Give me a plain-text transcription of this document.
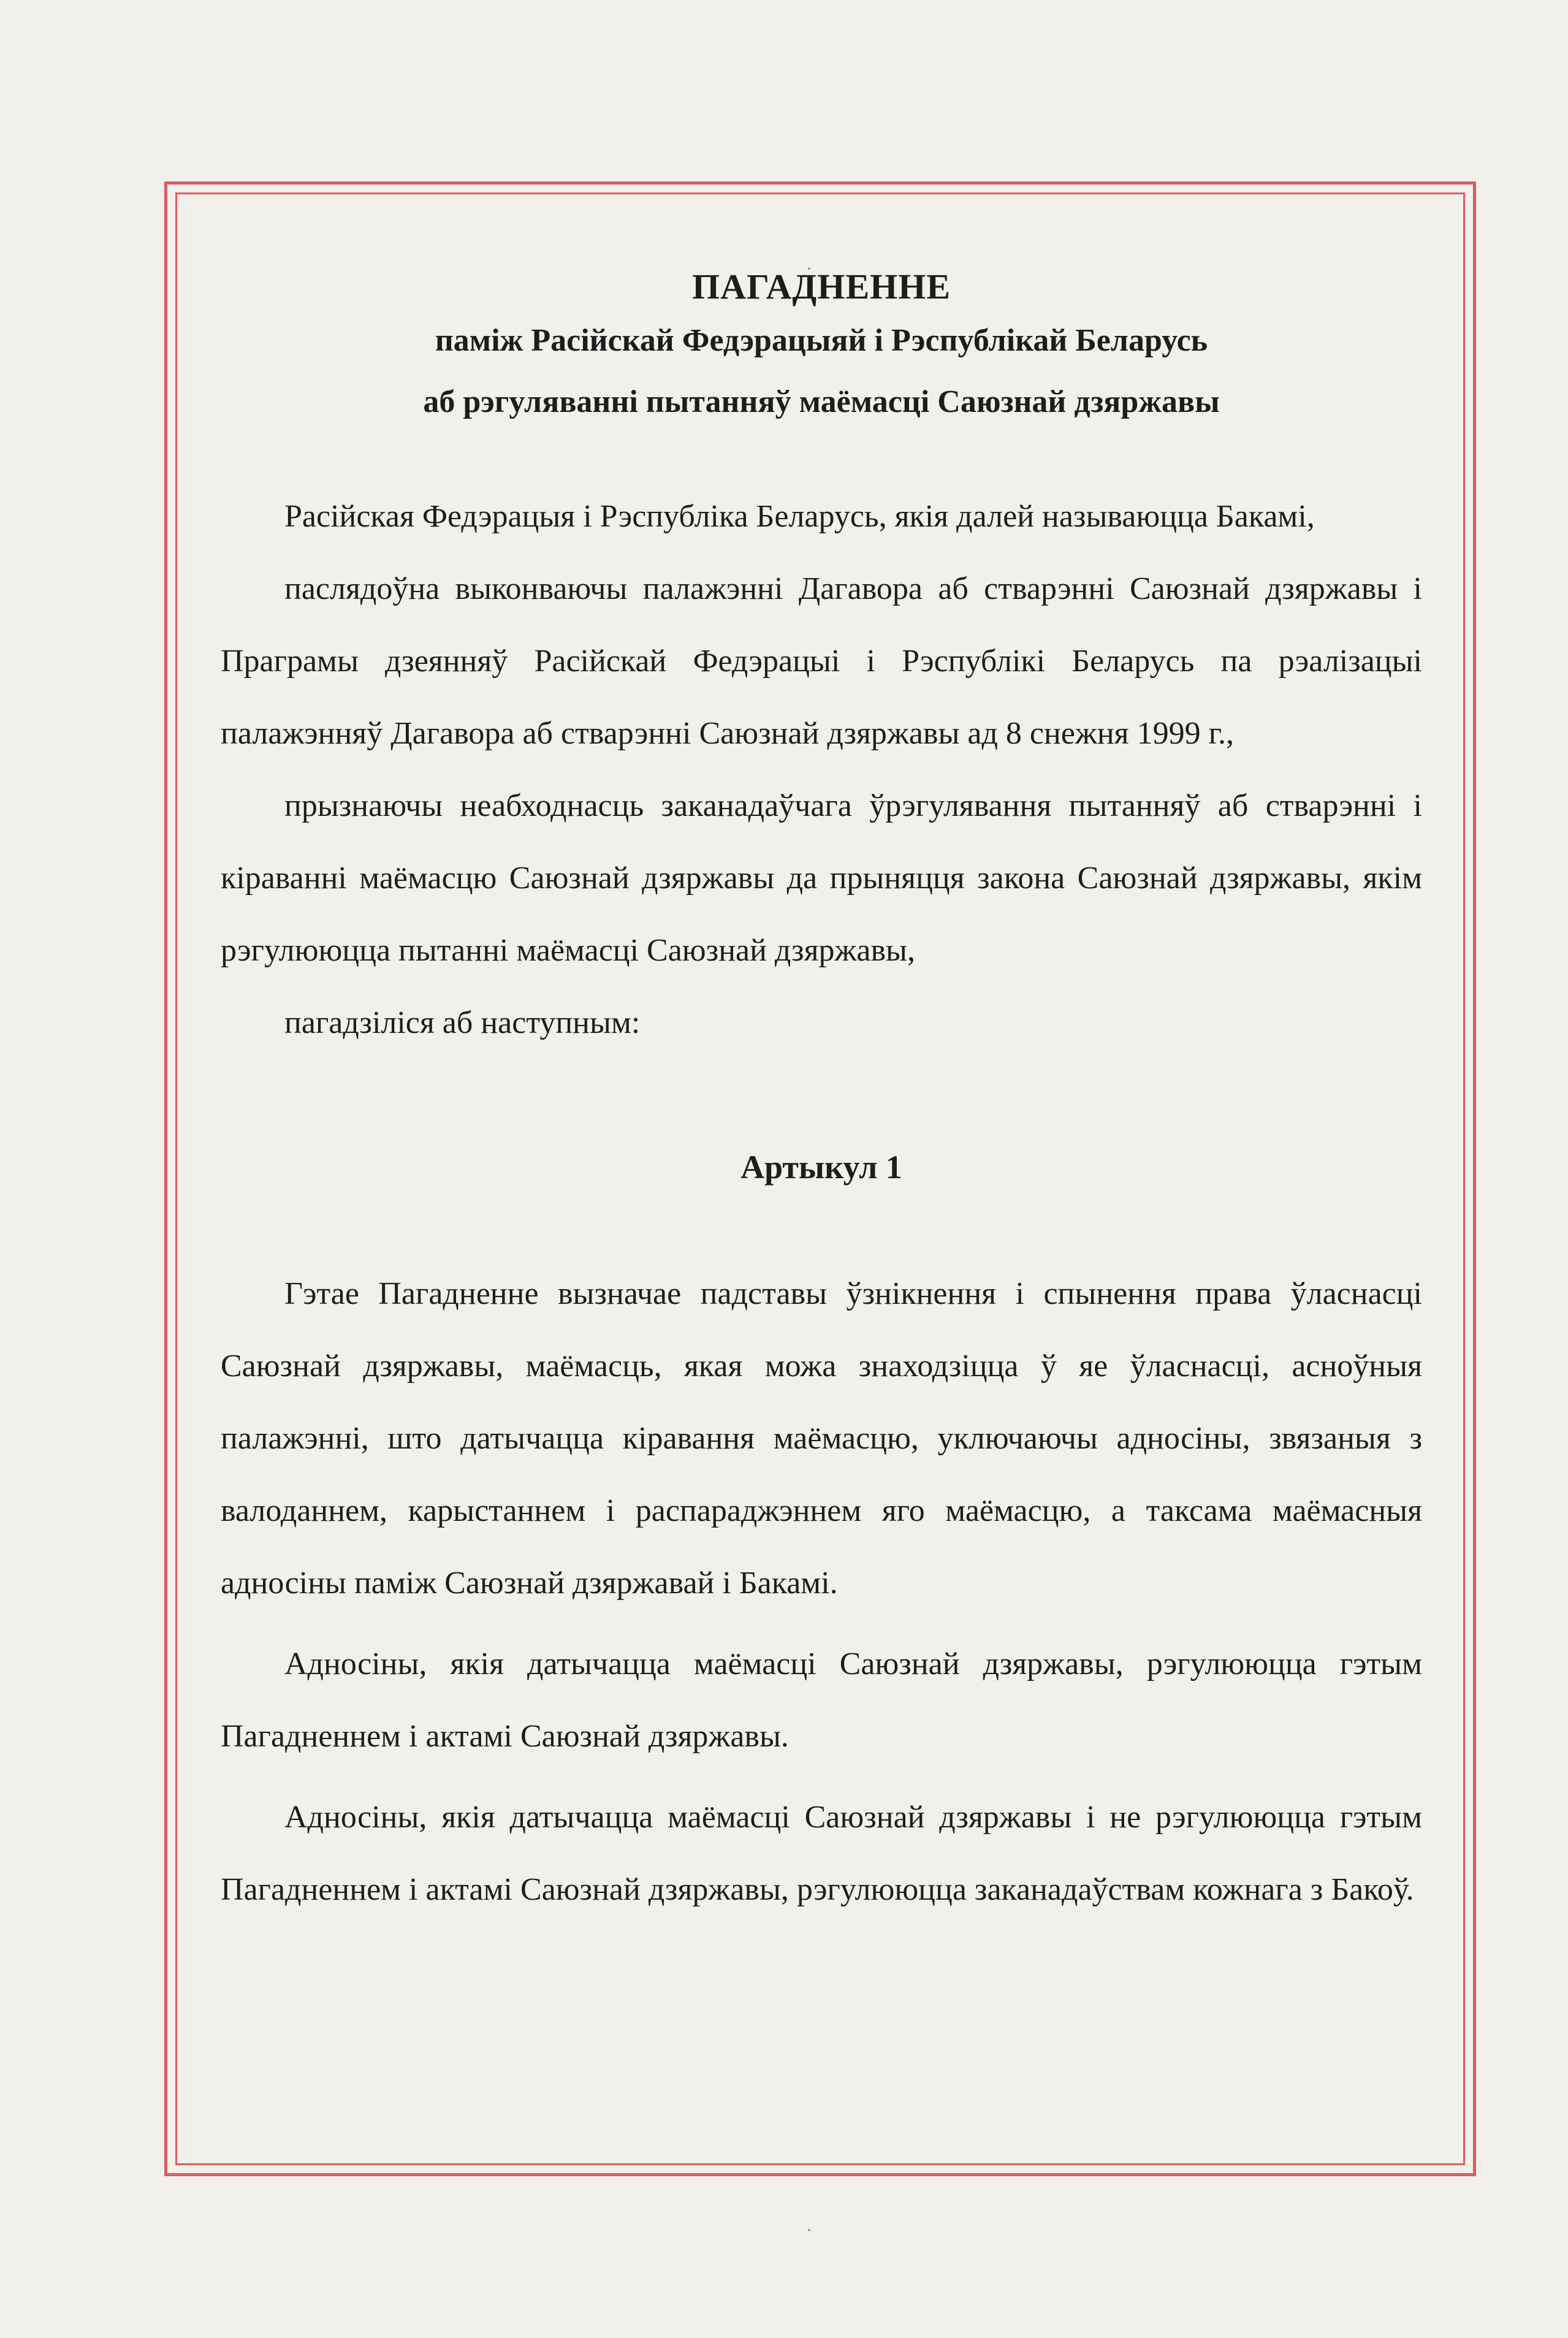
ПАГАДНЕННЕ

паміж Расійскай Федэрацыяй і Рэспублікай Беларусь

аб рэгуляванні пытанняў маёмасці Саюзнай дзяржавы

Расійская Федэрацыя і Рэспубліка Беларусь, якія далей называюцца Бакамі,

паслядоўна выконваючы палажэнні Дагавора аб стварэнні Саюзнай дзяржавы і Праграмы дзеянняў Расійскай Федэрацыі і Рэспублікі Беларусь па рэалізацыі палажэнняў Дагавора аб стварэнні Саюзнай дзяржавы ад 8 снежня 1999 г.,

прызнаючы неабходнасць заканадаўчага ўрэгулявання пытанняў аб стварэнні і кіраванні маёмасцю Саюзнай дзяржавы да прыняцця закона Саюзнай дзяржавы, якім рэгулююцца пытанні маёмасці Саюзнай дзяржавы,

пагадзіліся аб наступным:

Артыкул 1

Гэтае Пагадненне вызначае падставы ўзнікнення і спынення права ўласнасці Саюзнай дзяржавы, маёмасць, якая можа знаходзіцца ў яе ўласнасці, асноўныя палажэнні, што датычацца кіравання маёмасцю, уключаючы адносіны, звязаныя з валоданнем, карыстаннем і распараджэннем яго маёмасцю, а таксама маёмасныя адносіны паміж Саюзнай дзяржавай і Бакамі.

Адносіны, якія датычацца маёмасці Саюзнай дзяржавы, рэгулююцца гэтым Пагадненнем і актамі Саюзнай дзяржавы.

Адносіны, якія датычацца маёмасці Саюзнай дзяржавы і не рэгулююцца гэтым Пагадненнем і актамі Саюзнай дзяржавы, рэгулююцца заканадаўствам кожнага з Бакоў.
